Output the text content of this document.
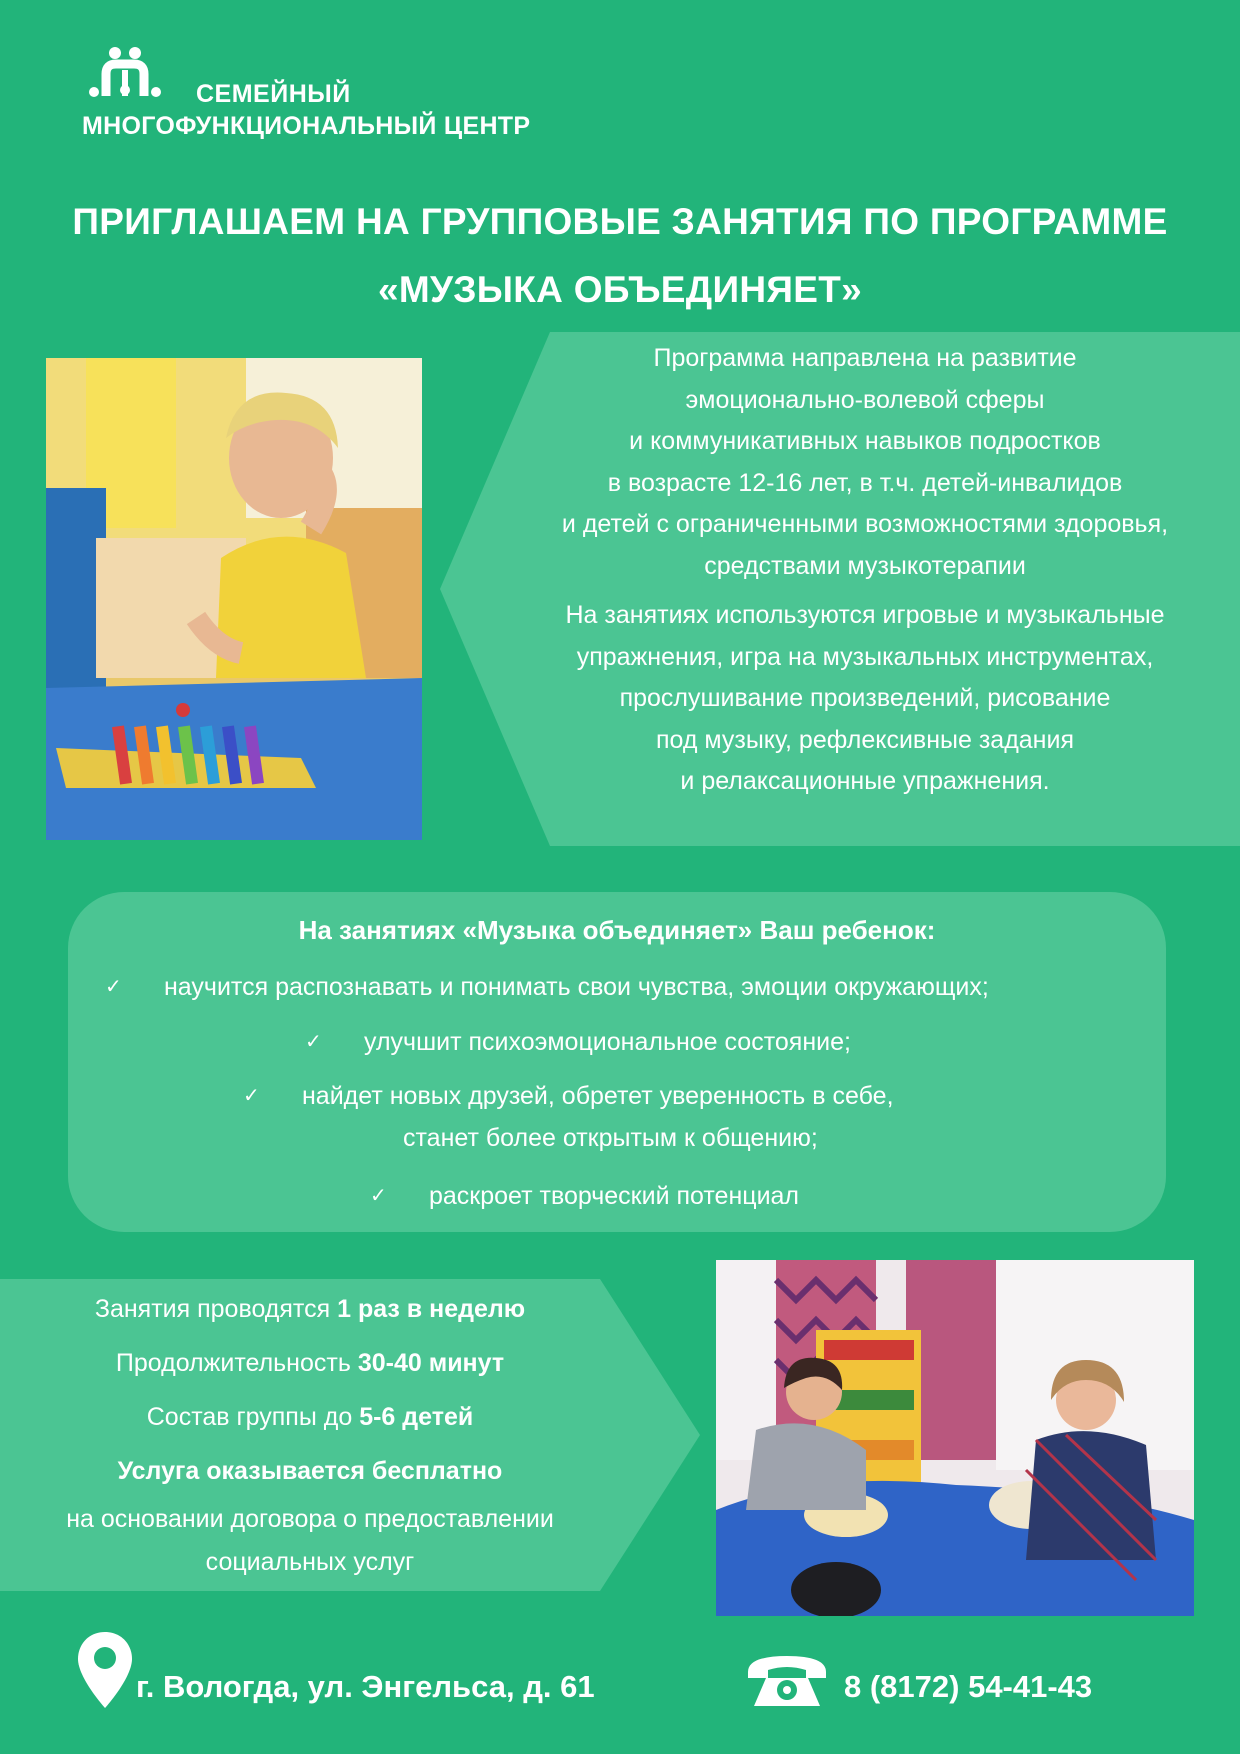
СЕМЕЙНЫЙ
МНОГОФУНКЦИОНАЛЬНЫЙ ЦЕНТР
ПРИГЛАШАЕМ НА ГРУППОВЫЕ ЗАНЯТИЯ ПО ПРОГРАММЕ
«МУЗЫКА ОБЪЕДИНЯЕТ»

Программа направлена на развитие
эмоционально-волевой сферы
и коммуникативных навыков подростков
в возрасте 12-16 лет, в т.ч. детей-инвалидов
и детей с ограниченными возможностями здоровья,
средствами музыкотерапии

На занятиях используются игровые и музыкальные
упражнения, игра на музыкальных инструментах,
прослушивание произведений, рисование
под музыку, рефлексивные задания
и релаксационные упражнения.

На занятиях «Музыка объединяет» Ваш ребенок:
✓ научится распознавать и понимать свои чувства, эмоции окружающих;
✓ улучшит психоэмоциональное состояние;
✓ найдет новых друзей, обретет уверенность в себе,
станет более открытым к общению;
✓ раскроет творческий потенциал
Занятия проводятся 1 раз в неделю
Продолжительность 30-40 минут
Состав группы до 5-6 детей
Услуга оказывается бесплатно
на основании договора о предоставлении
социальных услуг
г. Вологда, ул. Энгельса, д. 61	8 (8172) 54-41-43
